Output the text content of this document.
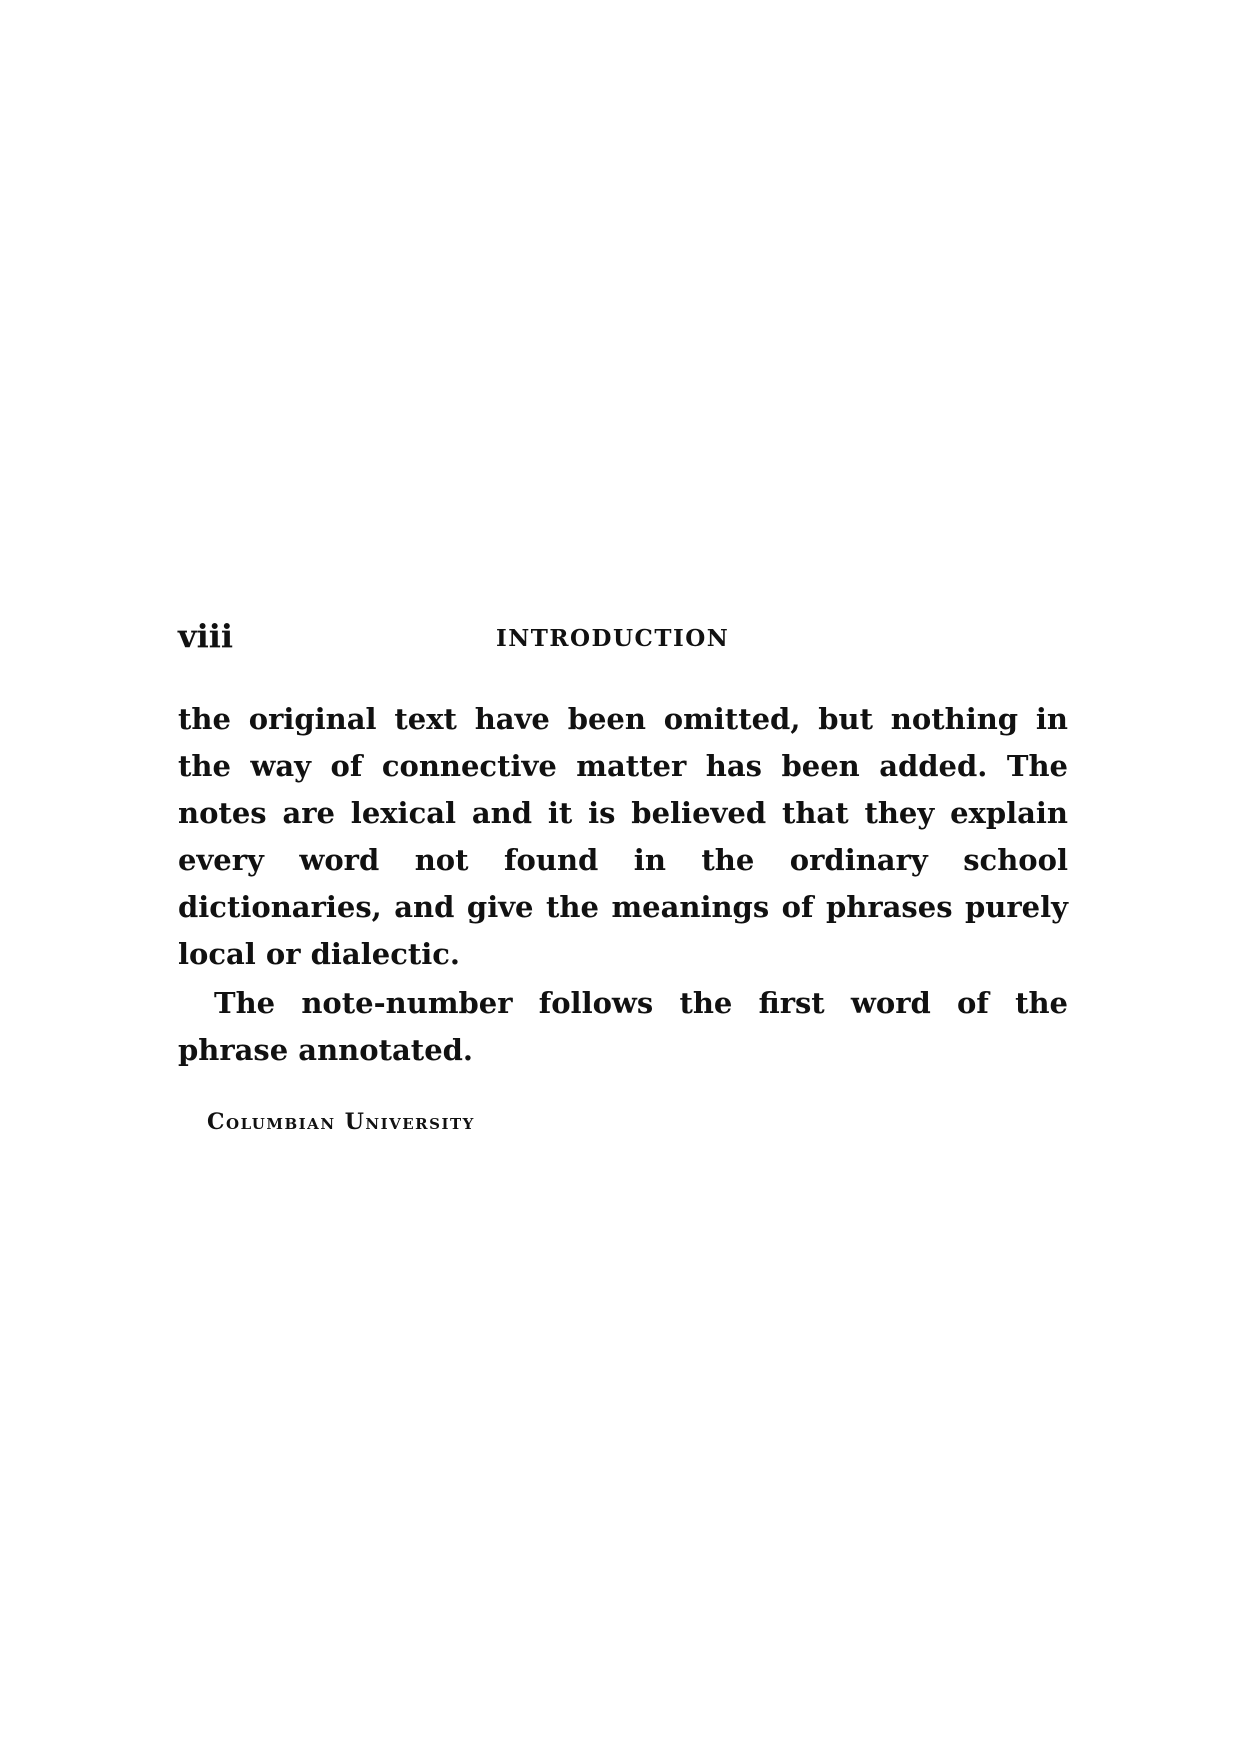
viii	INTRODUCTION

the original text have been omitted, but nothing in the way of connective matter has been added. The notes are lexical and it is believed that they explain every word not found in the ordinary school dictionaries, and give the meanings of phrases purely local or dialectic.

The note-number follows the first word of the phrase annotated.

Columbian University
